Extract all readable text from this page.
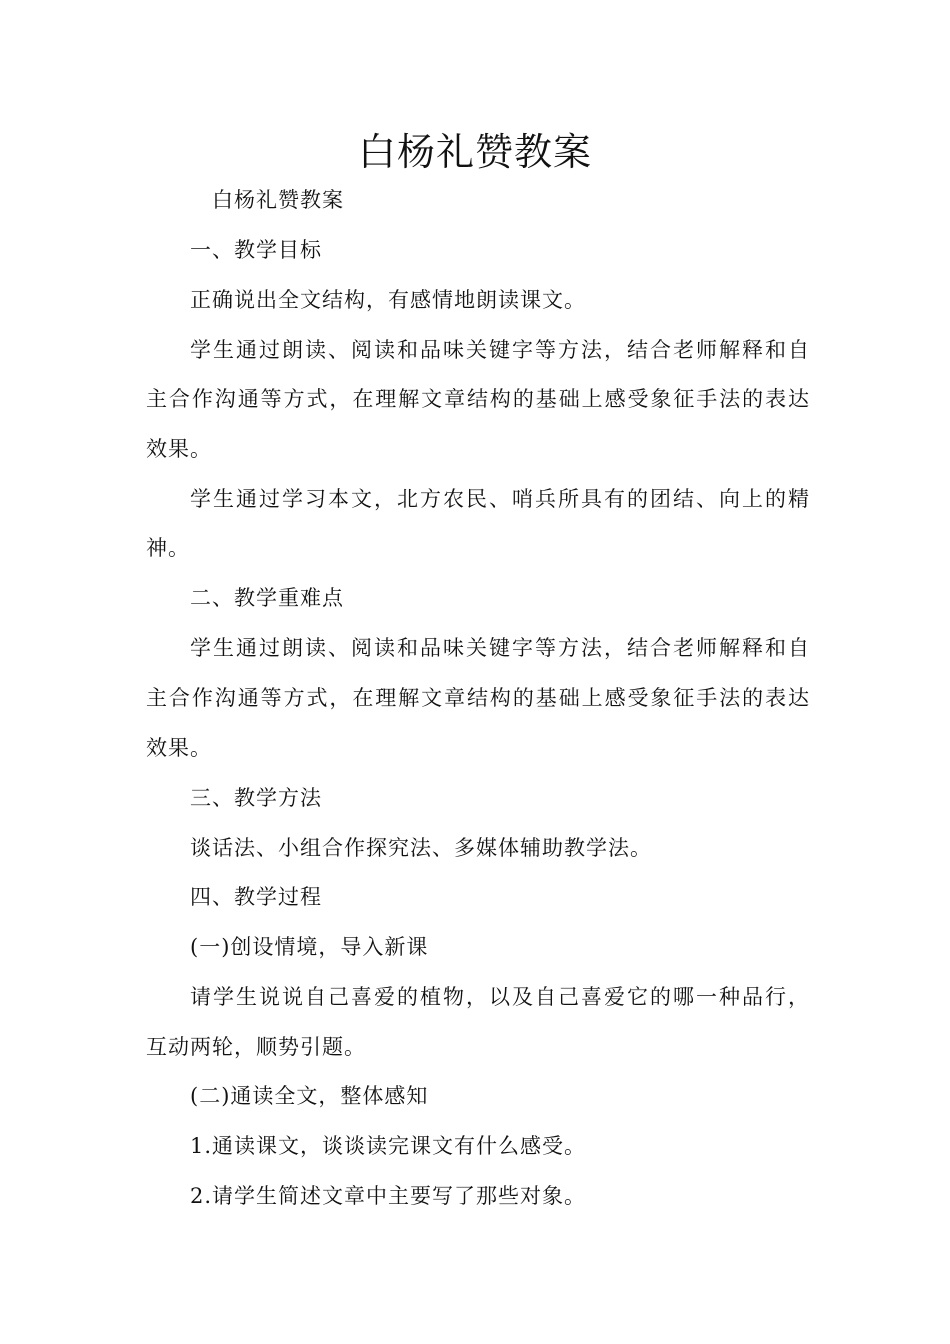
白杨礼赞教案
白杨礼赞教案
一、教学目标
正确说出全文结构，有感情地朗读课文。
学生通过朗读、阅读和品味关键字等方法，结合老师解释和自
主合作沟通等方式，在理解文章结构的基础上感受象征手法的表达
效果。
学生通过学习本文，北方农民、哨兵所具有的团结、向上的精
神。
二、教学重难点
学生通过朗读、阅读和品味关键字等方法，结合老师解释和自
主合作沟通等方式，在理解文章结构的基础上感受象征手法的表达
效果。
三、教学方法
谈话法、小组合作探究法、多媒体辅助教学法。
四、教学过程
(一)创设情境，导入新课
请学生说说自己喜爱的植物，以及自己喜爱它的哪一种品行，
互动两轮，顺势引题。
(二)通读全文，整体感知
1.通读课文，谈谈读完课文有什么感受。
2.请学生简述文章中主要写了那些对象。
